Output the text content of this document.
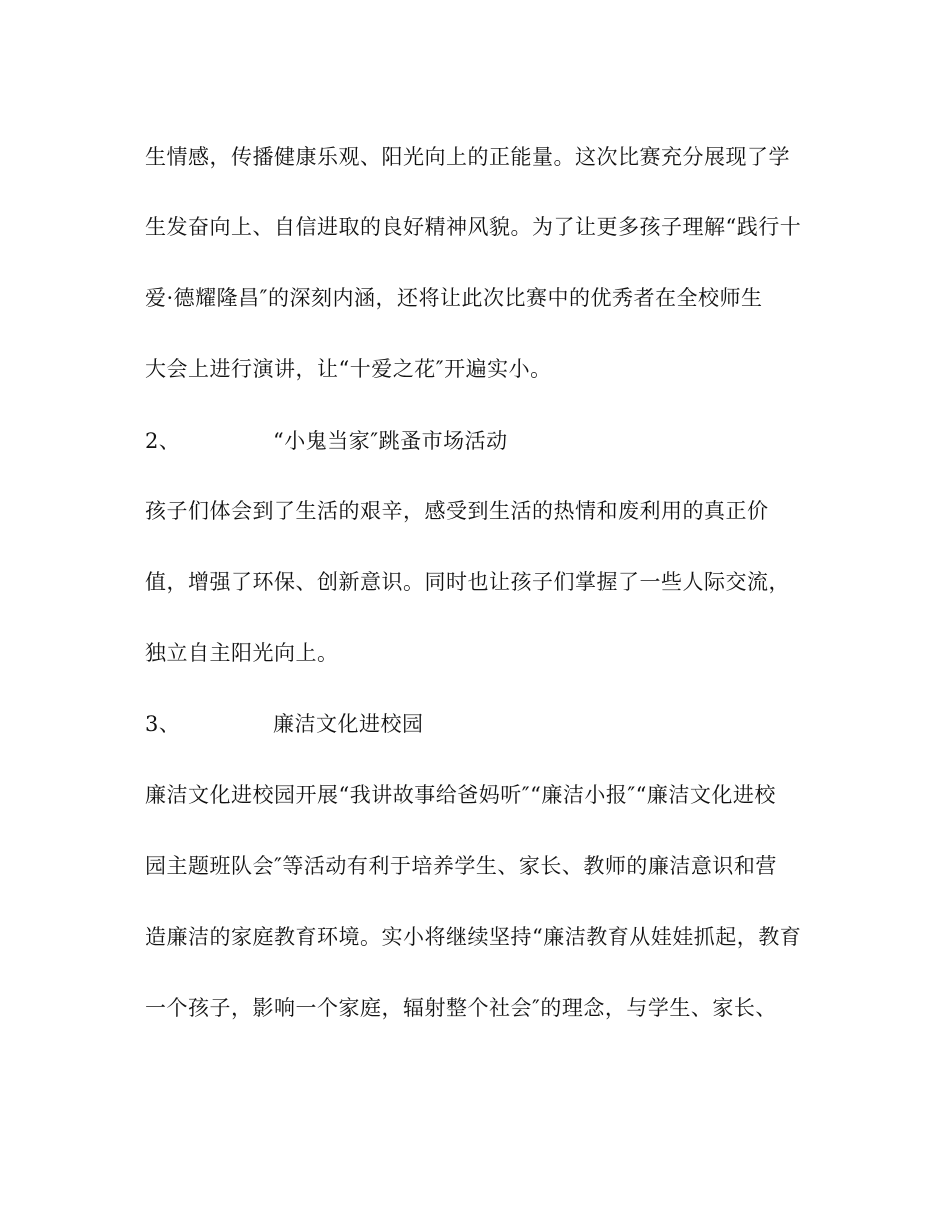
生情感，传播健康乐观、阳光向上的正能量。这次比赛充分展现了学
生发奋向上、自信进取的良好精神风貌。为了让更多孩子理解“践行十
爱·德耀隆昌″的深刻内涵，还将让此次比赛中的优秀者在全校师生
大会上进行演讲，让“十爱之花″开遍实小。
2、	“小鬼当家″跳蚤市场活动
孩子们体会到了生活的艰辛，感受到生活的热情和废利用的真正价
值，增强了环保、创新意识。同时也让孩子们掌握了一些人际交流，
独立自主阳光向上。
3、	廉洁文化进校园
廉洁文化进校园开展“我讲故事给爸妈听″“廉洁小报″“廉洁文化进校
园主题班队会″等活动有利于培养学生、家长、教师的廉洁意识和营
造廉洁的家庭教育环境。实小将继续坚持“廉洁教育从娃娃抓起，教育
一个孩子，影响一个家庭，辐射整个社会″的理念，与学生、家长、
